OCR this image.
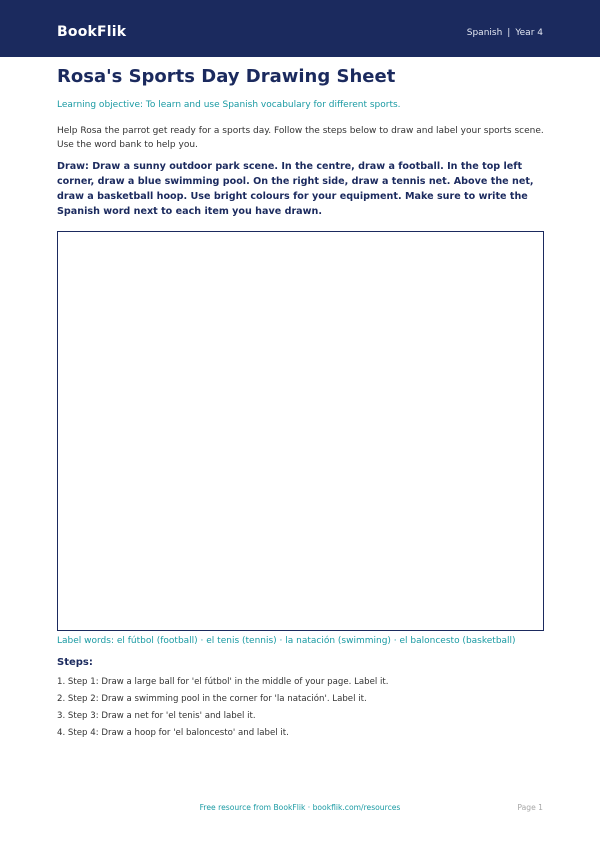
BookFlik	Spanish | Year 4
Rosa's Sports Day Drawing Sheet

Learning objective: To learn and use Spanish vocabulary for different sports.

Help Rosa the parrot get ready for a sports day. Follow the steps below to draw and label your sports scene. Use the word bank to help you.

Draw: Draw a sunny outdoor park scene. In the centre, draw a football. In the top left corner, draw a blue swimming pool. On the right side, draw a tennis net. Above the net, draw a basketball hoop. Use bright colours for your equipment. Make sure to write the Spanish word next to each item you have drawn.

Label words: el fútbol (football) · el tenis (tennis) · la natación (swimming) · el baloncesto (basketball)

Steps:
1. Step 1: Draw a large ball for 'el fútbol' in the middle of your page. Label it.
2. Step 2: Draw a swimming pool in the corner for 'la natación'. Label it.
3. Step 3: Draw a net for 'el tenis' and label it.
4. Step 4: Draw a hoop for 'el baloncesto' and label it.
Free resource from BookFlik · bookflik.com/resources	Page 1
